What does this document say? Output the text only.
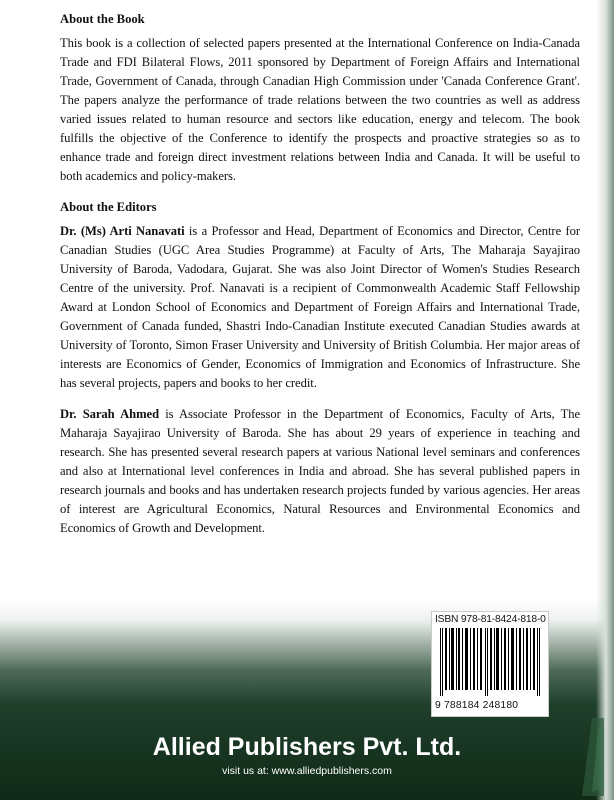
About the Book

This book is a collection of selected papers presented at the International Conference on India-Canada Trade and FDI Bilateral Flows, 2011 sponsored by Department of Foreign Affairs and International Trade, Government of Canada, through Canadian High Commission under 'Canada Conference Grant'. The papers analyze the performance of trade relations between the two countries as well as address varied issues related to human resource and sectors like education, energy and telecom. The book fulfills the objective of the Conference to identify the prospects and proactive strategies so as to enhance trade and foreign direct investment relations between India and Canada. It will be useful to both academics and policy-makers.

About the Editors

Dr. (Ms) Arti Nanavati is a Professor and Head, Department of Economics and Director, Centre for Canadian Studies (UGC Area Studies Programme) at Faculty of Arts, The Maharaja Sayajirao University of Baroda, Vadodara, Gujarat. She was also Joint Director of Women's Studies Research Centre of the university. Prof. Nanavati is a recipient of Commonwealth Academic Staff Fellowship Award at London School of Economics and Department of Foreign Affairs and International Trade, Government of Canada funded, Shastri Indo-Canadian Institute executed Canadian Studies awards at University of Toronto, Simon Fraser University and University of British Columbia. Her major areas of interests are Economics of Gender, Economics of Immigration and Economics of Infrastructure. She has several projects, papers and books to her credit.

Dr. Sarah Ahmed is Associate Professor in the Department of Economics, Faculty of Arts, The Maharaja Sayajirao University of Baroda. She has about 29 years of experience in teaching and research. She has presented several research papers at various National level seminars and conferences and also at International level conferences in India and abroad. She has several published papers in research journals and books and has undertaken research projects funded by various agencies. Her areas of interest are Agricultural Economics, Natural Resources and Environmental Economics and Economics of Growth and Development.

ISBN 978-81-8424-818-0
9 788184 248180
Allied Publishers Pvt. Ltd.
visit us at: www.alliedpublishers.com
